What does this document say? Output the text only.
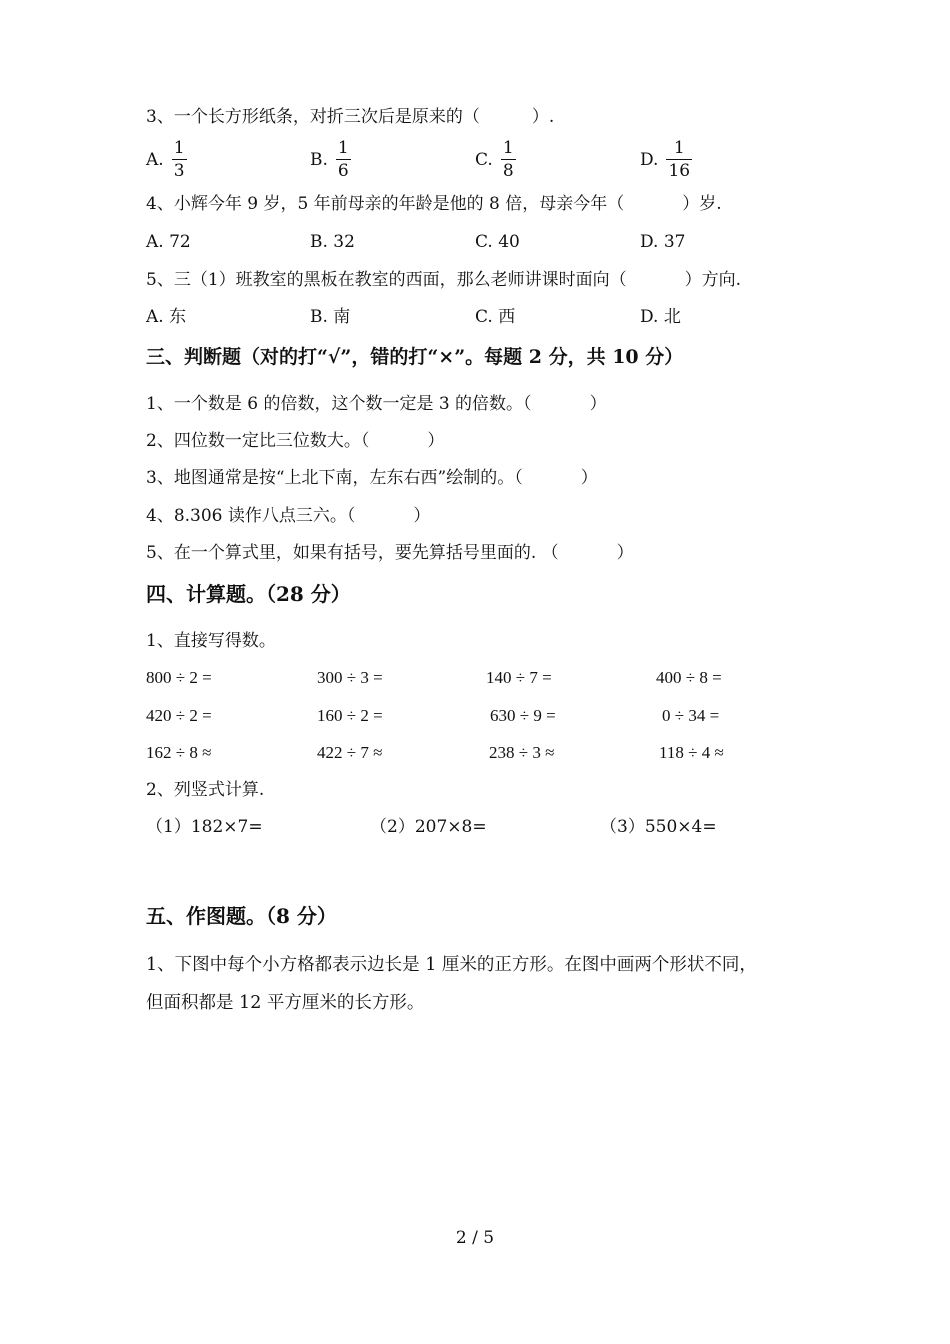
3、一个长方形纸条，对折三次后是原来的（	）.
A. $\frac{1}{3}$	B. $\frac{1}{6}$	C. $\frac{1}{8}$	D. $\frac{1}{16}$
4、小辉今年 9 岁，5 年前母亲的年龄是他的 8 倍，母亲今年（	）岁.
A. 72	B. 32	C. 40	D. 37
5、三（1）班教室的黑板在教室的西面，那么老师讲课时面向（	）方向.
A. 东	B. 南	C. 西	D. 北
三、判断题（对的打“√”，错的打“×”。每题 2 分，共 10 分）
1、一个数是 6 的倍数，这个数一定是 3 的倍数。（	）
2、四位数一定比三位数大。（	）
3、地图通常是按“上北下南，左东右西”绘制的。（	）
4、8.306 读作八点三六。（	）
5、在一个算式里，如果有括号，要先算括号里面的. （	）
四、计算题。（28 分）
1、直接写得数。
800 ÷ 2 =	300 ÷ 3 =	140 ÷ 7 =	400 ÷ 8 =
420 ÷ 2 =	160 ÷ 2 =	630 ÷ 9 =	0 ÷ 34 =
162 ÷ 8 ≈	422 ÷ 7 ≈	238 ÷ 3 ≈	118 ÷ 4 ≈
2、列竖式计算.
（1）182×7=	（2）207×8=	（3）550×4=
五、作图题。（8 分）
1、下图中每个小方格都表示边长是 1 厘米的正方形。在图中画两个形状不同，
但面积都是 12 平方厘米的长方形。
2 / 5
